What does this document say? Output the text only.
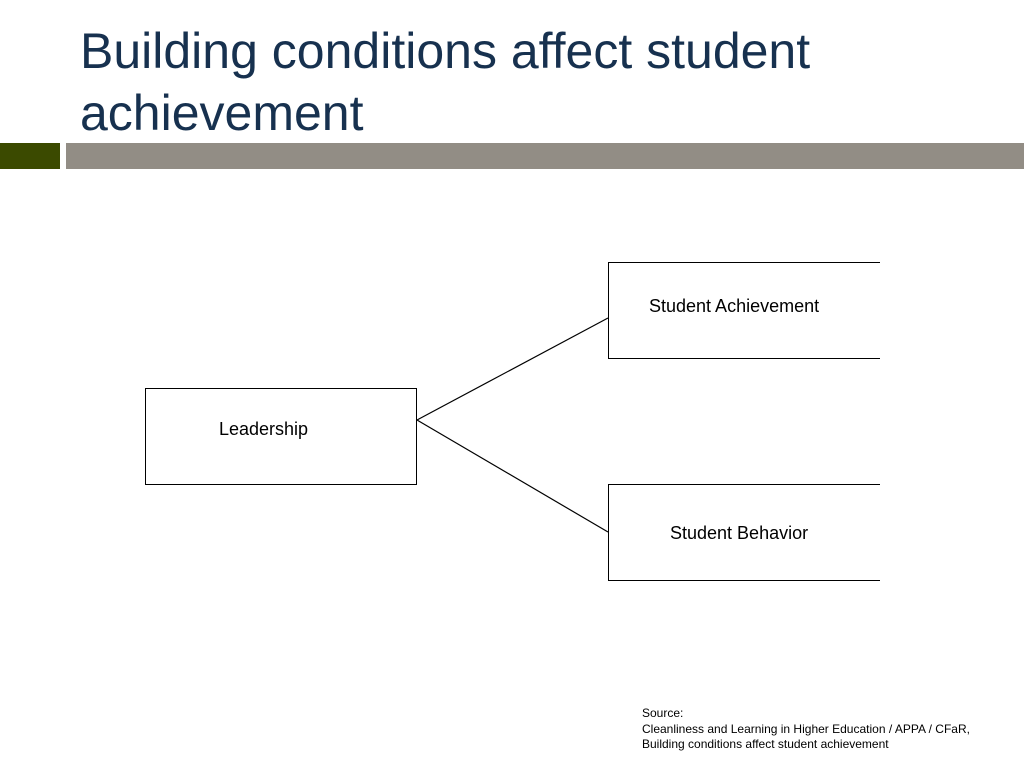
Building conditions affect student achievement
Leadership
Student Achievement
Student Behavior
Source:
Cleanliness and Learning in Higher Education / APPA / CFaR,
Building conditions affect student achievement
